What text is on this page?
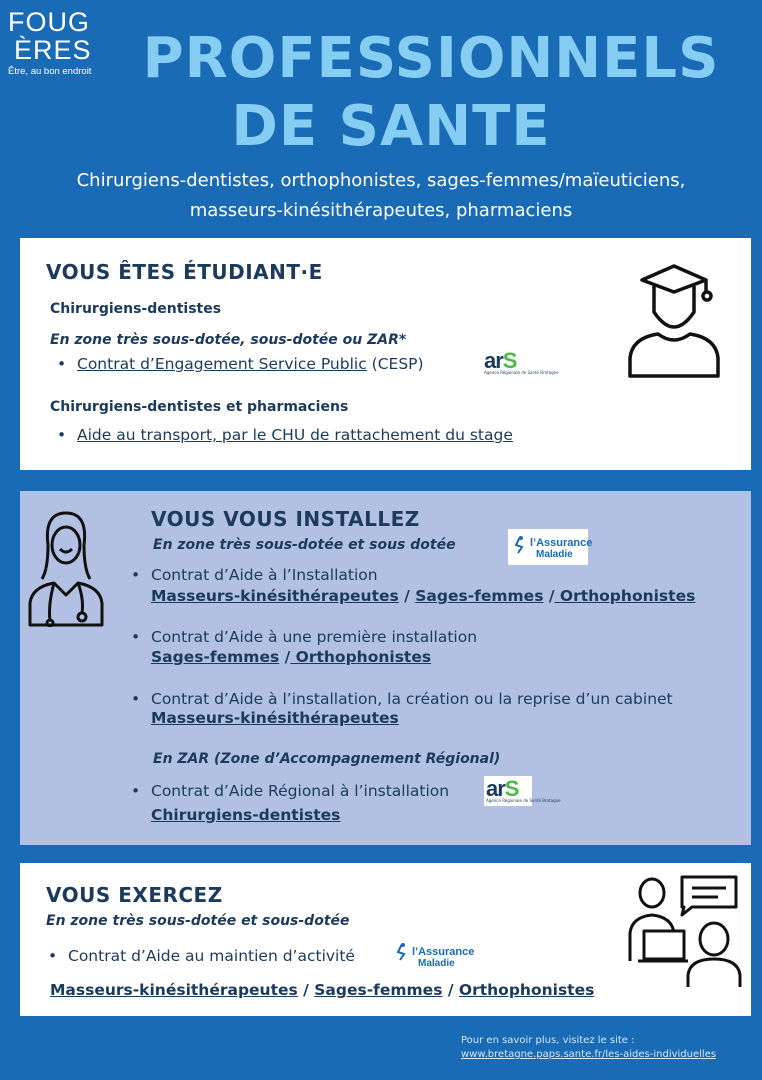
FOUG
ÈRES
Être, au bon endroit PROFESSIONNELS
DE SANTE
Chirurgiens-dentistes, orthophonistes, sages-femmes/maïeuticiens,
masseurs-kinésithérapeutes, pharmaciens
VOUS ÊTES ÉTUDIANT·E
Chirurgiens-dentistes
En zone très sous-dotée, sous-dotée ou ZAR*
• Contrat d’Engagement Service Public (CESP)	arS
Agence Régionale de Santé Bretagne
Chirurgiens-dentistes et pharmaciens
• Aide au transport, par le CHU de rattachement du stage
VOUS VOUS INSTALLEZ
En zone très sous-dotée et sous dotée	l’Assurance
Maladie
• Contrat d’Aide à l’Installation
Masseurs-kinésithérapeutes / Sages-femmes / Orthophonistes
• Contrat d’Aide à une première installation
Sages-femmes / Orthophonistes
• Contrat d’Aide à l’installation, la création ou la reprise d’un cabinet
Masseurs-kinésithérapeutes
En ZAR (Zone d’Accompagnement Régional)
• Contrat d’Aide Régional à l’installation arS
Agence Régionale de Santé Bretagne
Chirurgiens-dentistes
VOUS EXERCEZ
En zone très sous-dotée et sous-dotée
• Contrat d’Aide au maintien d’activité	l’Assurance
Maladie
Masseurs-kinésithérapeutes / Sages-femmes / Orthophonistes
Pour en savoir plus, visitez le site :
www.bretagne.paps.sante.fr/les-aides-individuelles
